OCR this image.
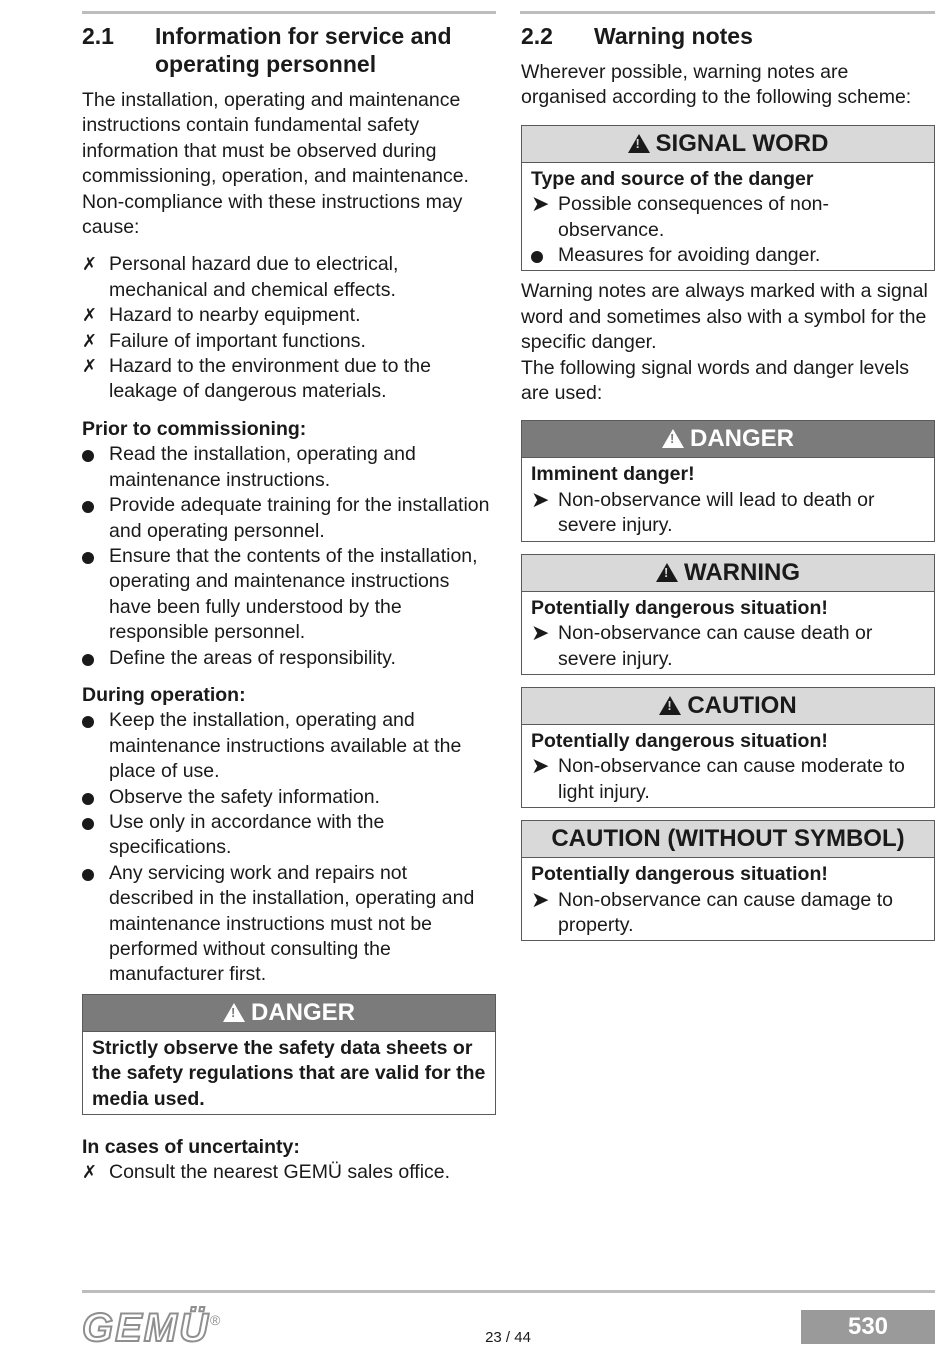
2.1	Information for service and operating personnel

The installation, operating and maintenance instructions contain fundamental safety information that must be observed during commissioning, operation, and maintenance.

Non-compliance with these instructions may cause:

✗ Personal hazard due to electrical, mechanical and chemical effects.
✗ Hazard to nearby equipment.
✗ Failure of important functions.
✗ Hazard to the environment due to the leakage of dangerous materials.
Prior to commissioning:
Read the installation, operating and maintenance instructions.
Provide adequate training for the installation and operating personnel.
Ensure that the contents of the installation, operating and maintenance instructions have been fully understood by the responsible personnel.
Define the areas of responsibility.
During operation:
Keep the installation, operating and maintenance instructions available at the place of use.
Observe the safety information.
Use only in accordance with the specifications.
Any servicing work and repairs not described in the installation, operating and maintenance instructions must not be performed without consulting the manufacturer first.
!DANGER
Strictly observe the safety data sheets or the safety regulations that are valid for the media used.
In cases of uncertainty:
✗ Consult the nearest GEMÜ sales office.
2.2	Warning notes

Wherever possible, warning notes are organised according to the following scheme:

!SIGNAL WORD
Type and source of the danger
➤ Possible consequences of non-observance.
Measures for avoiding danger.

Warning notes are always marked with a signal word and sometimes also with a symbol for the specific danger.

The following signal words and danger levels are used:

!DANGER
Imminent danger!
➤ Non-observance will lead to death or severe injury.
!WARNING
Potentially dangerous situation!
➤ Non-observance can cause death or severe injury.
!CAUTION
Potentially dangerous situation!
➤ Non-observance can cause moderate to light injury.
CAUTION (WITHOUT SYMBOL)
Potentially dangerous situation!
➤ Non-observance can cause damage to property.
GEMÜ®
23 / 44	530
